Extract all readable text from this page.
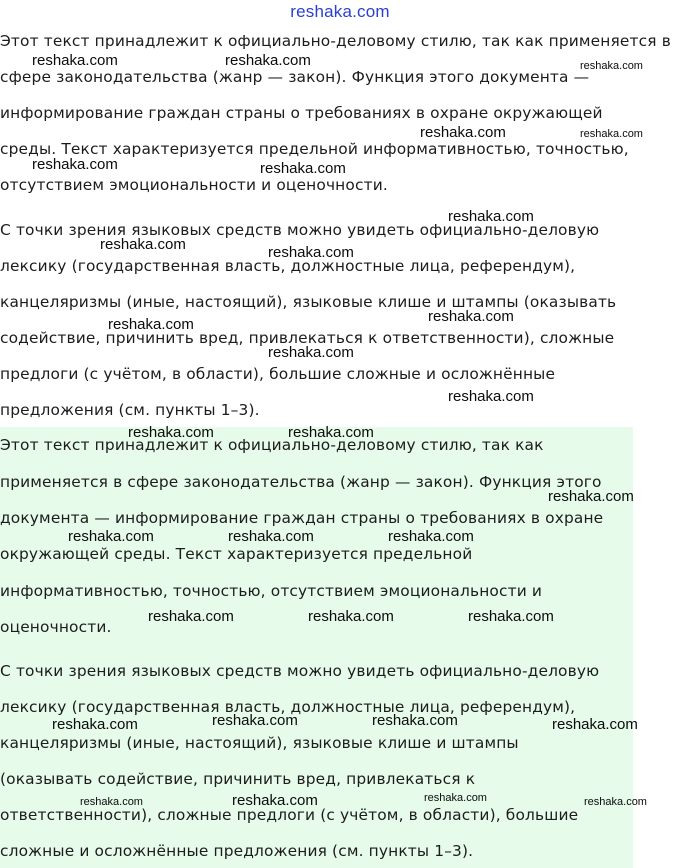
reshaka.com
Этот текст принадлежит к официально-деловому стилю, так как применяется в
сфере законодательства (жанр — закон). Функция этого документа —
информирование граждан страны о требованиях в охране окружающей
среды. Текст характеризуется предельной информативностью, точностью,
отсутствием эмоциональности и оценочности.
С точки зрения языковых средств можно увидеть официально-деловую
лексику (государственная власть, должностные лица, референдум),
канцеляризмы (иные, настоящий), языковые клише и штампы (оказывать
содействие, причинить вред, привлекаться к ответственности), сложные
предлоги (с учётом, в области), большие сложные и осложнённые
предложения (см. пункты 1–3).
Этот текст принадлежит к официально-деловому стилю, так как
применяется в сфере законодательства (жанр — закон). Функция этого
документа — информирование граждан страны о требованиях в охране
окружающей среды. Текст характеризуется предельной
информативностью, точностью, отсутствием эмоциональности и
оценочности.
С точки зрения языковых средств можно увидеть официально-деловую
лексику (государственная власть, должностные лица, референдум),
канцеляризмы (иные, настоящий), языковые клише и штампы
(оказывать содействие, причинить вред, привлекаться к
ответственности), сложные предлоги (с учётом, в области), большие
сложные и осложнённые предложения (см. пункты 1–3).
reshaka.com	reshaka.com	reshaka.com
reshaka.com	reshaka.com
reshaka.com	reshaka.com
reshaka.com
reshaka.com	reshaka.com
reshaka.com	reshaka.com
reshaka.com
reshaka.com
reshaka.com	reshaka.com
reshaka.com
reshaka.com	reshaka.com	reshaka.com
reshaka.com	reshaka.com	reshaka.com
reshaka.com	reshaka.com	reshaka.com	reshaka.com
reshaka.com	reshaka.com	reshaka.com	reshaka.com
